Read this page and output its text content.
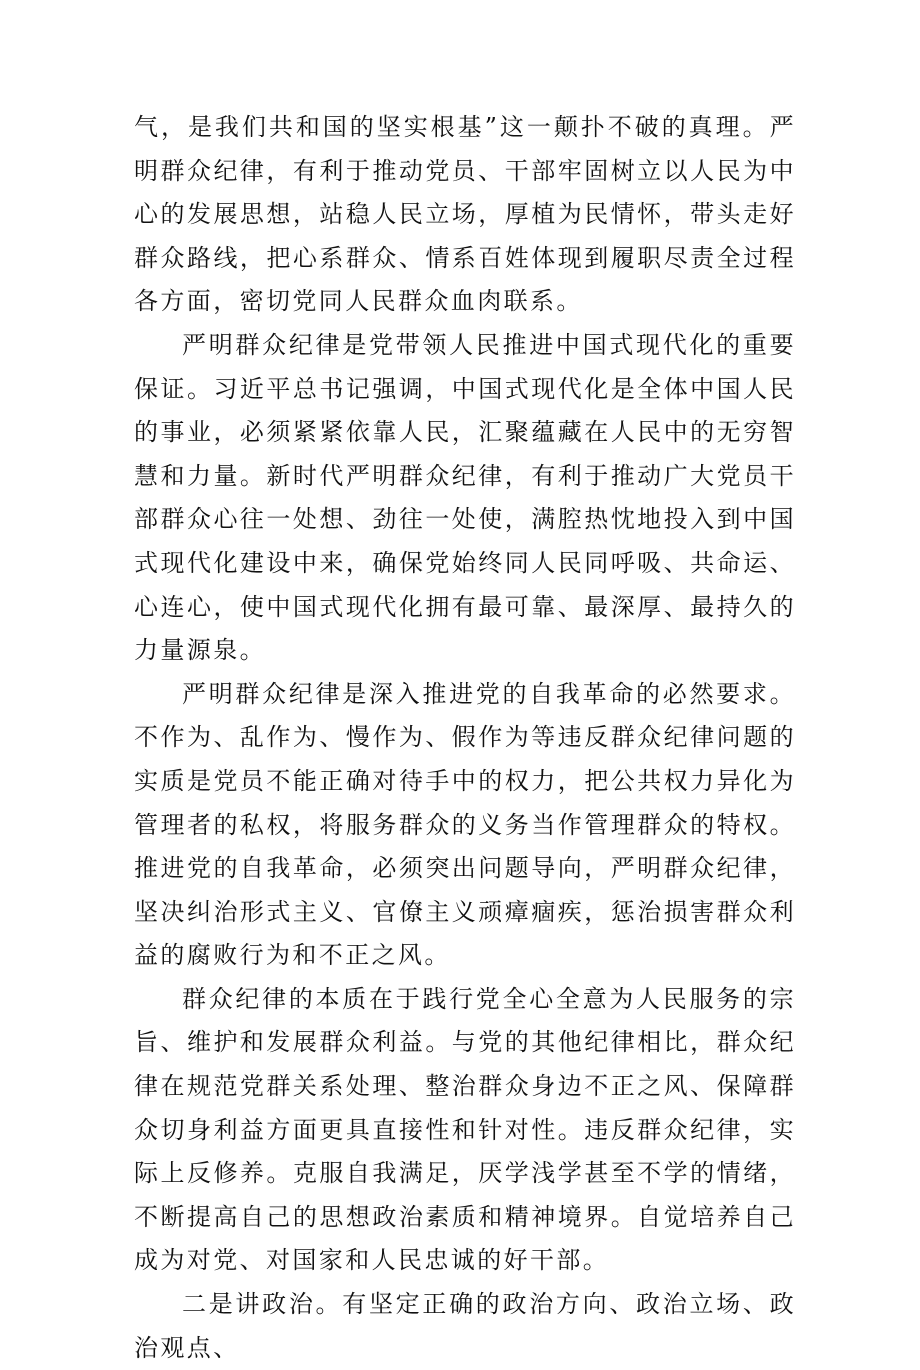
气，是我们共和国的坚实根基”这一颠扑不破的真理。严明群众纪律，有利于推动党员、干部牢固树立以人民为中心的发展思想，站稳人民立场，厚植为民情怀，带头走好群众路线，把心系群众、情系百姓体现到履职尽责全过程各方面，密切党同人民群众血肉联系。

严明群众纪律是党带领人民推进中国式现代化的重要保证。习近平总书记强调，中国式现代化是全体中国人民的事业，必须紧紧依靠人民，汇聚蕴藏在人民中的无穷智慧和力量。新时代严明群众纪律，有利于推动广大党员干部群众心往一处想、劲往一处使，满腔热忱地投入到中国式现代化建设中来，确保党始终同人民同呼吸、共命运、心连心，使中国式现代化拥有最可靠、最深厚、最持久的力量源泉。

严明群众纪律是深入推进党的自我革命的必然要求。不作为、乱作为、慢作为、假作为等违反群众纪律问题的实质是党员不能正确对待手中的权力，把公共权力异化为管理者的私权，将服务群众的义务当作管理群众的特权。推进党的自我革命，必须突出问题导向，严明群众纪律，坚决纠治形式主义、官僚主义顽瘴痼疾，惩治损害群众利益的腐败行为和不正之风。

群众纪律的本质在于践行党全心全意为人民服务的宗旨、维护和发展群众利益。与党的其他纪律相比，群众纪律在规范党群关系处理、整治群众身边不正之风、保障群众切身利益方面更具直接性和针对性。违反群众纪律，实际上反修养。克服自我满足，厌学浅学甚至不学的情绪，不断提高自己的思想政治素质和精神境界。自觉培养自己成为对党、对国家和人民忠诚的好干部。

二是讲政治。有坚定正确的政治方向、政治立场、政治观点、
